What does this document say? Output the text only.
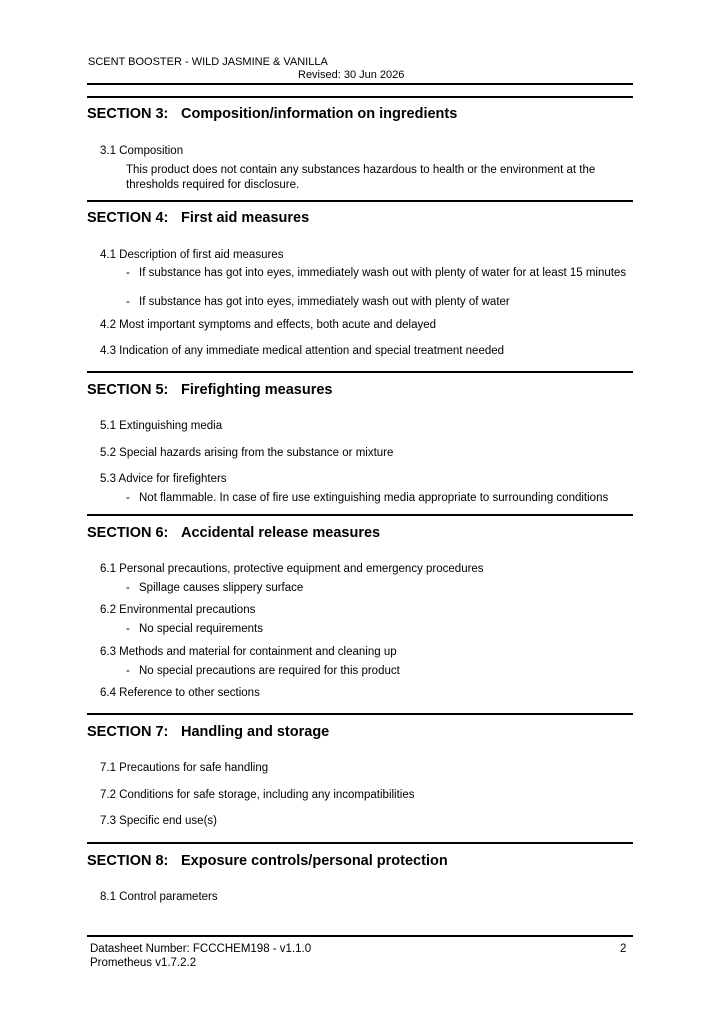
SCENT BOOSTER - WILD JASMINE & VANILLA
Revised: 30 Jun 2026
SECTION 3: Composition/information on ingredients
3.1 Composition
This product does not contain any substances hazardous to health or the environment at the thresholds required for disclosure.
SECTION 4: First aid measures
4.1 Description of first aid measures
- If substance has got into eyes, immediately wash out with plenty of water for at least 15 minutes
- If substance has got into eyes, immediately wash out with plenty of water
4.2 Most important symptoms and effects, both acute and delayed
4.3 Indication of any immediate medical attention and special treatment needed
SECTION 5: Firefighting measures
5.1 Extinguishing media
5.2 Special hazards arising from the substance or mixture
5.3 Advice for firefighters
- Not flammable. In case of fire use extinguishing media appropriate to surrounding conditions
SECTION 6: Accidental release measures
6.1 Personal precautions, protective equipment and emergency procedures
- Spillage causes slippery surface
6.2 Environmental precautions
- No special requirements
6.3 Methods and material for containment and cleaning up
- No special precautions are required for this product
6.4 Reference to other sections
SECTION 7: Handling and storage
7.1 Precautions for safe handling
7.2 Conditions for safe storage, including any incompatibilities
7.3 Specific end use(s)
SECTION 8: Exposure controls/personal protection
8.1 Control parameters
Datasheet Number: FCCCHEM198 - v1.1.0
Prometheus v1.7.2.2
2
